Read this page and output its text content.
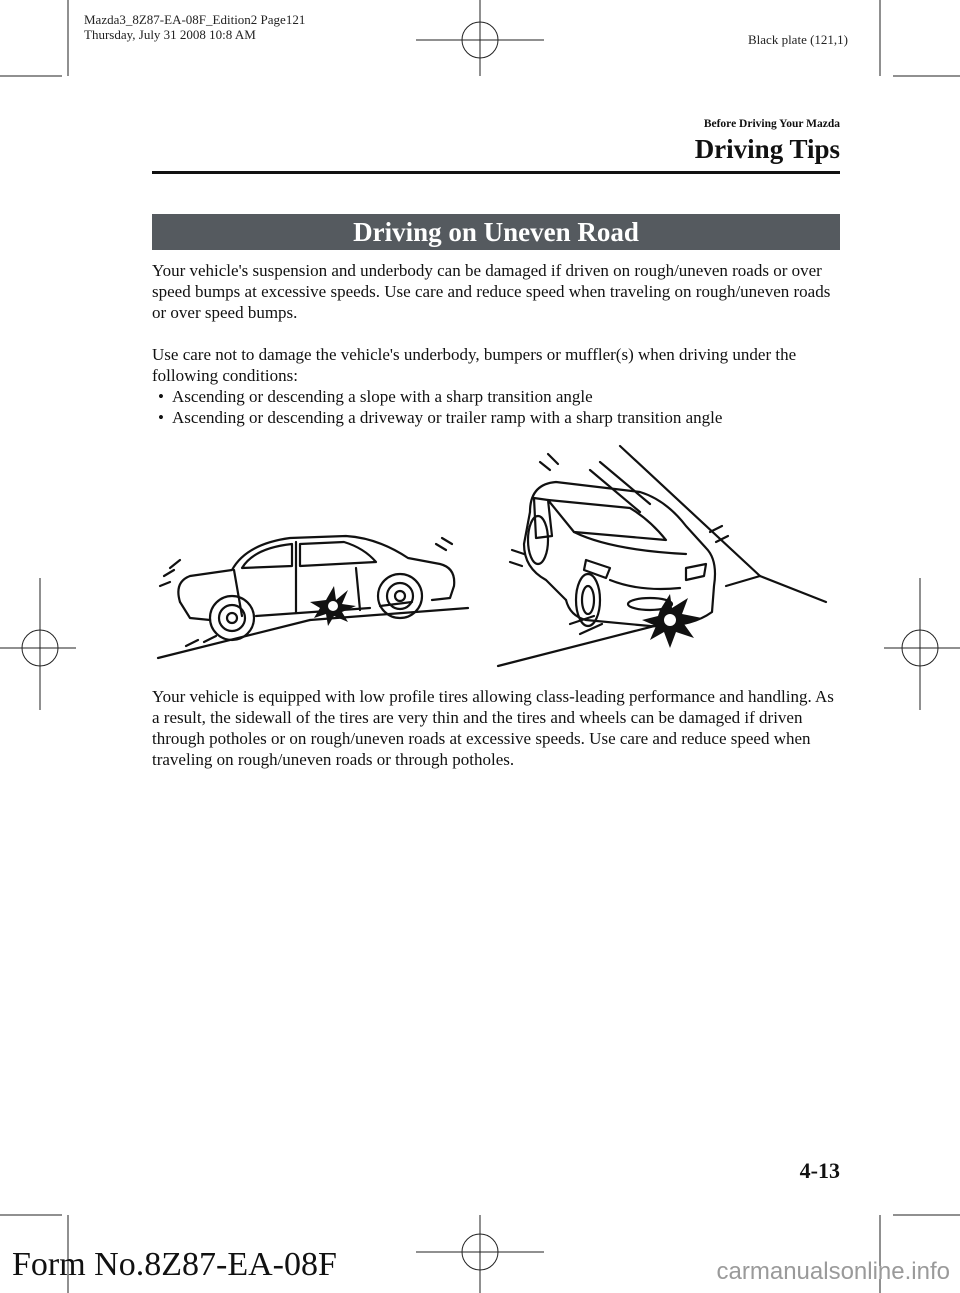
Mazda3_8Z87-EA-08F_Edition2 Page121
Thursday, July 31 2008 10:8 AM	Black plate (121,1)
Before Driving Your Mazda
Driving Tips
Driving on Uneven Road
Your vehicle's suspension and underbody can be damaged if driven on rough/uneven roads or over speed bumps at excessive speeds. Use care and reduce speed when traveling on rough/uneven roads or over speed bumps.
Use care not to damage the vehicle's underbody, bumpers or muffler(s) when driving under the following conditions:
• Ascending or descending a slope with a sharp transition angle
• Ascending or descending a driveway or trailer ramp with a sharp transition angle
Your vehicle is equipped with low profile tires allowing class-leading performance and handling. As a result, the sidewall of the tires are very thin and the tires and wheels can be damaged if driven through potholes or on rough/uneven roads at excessive speeds. Use care and reduce speed when traveling on rough/uneven roads or through potholes.
4-13
Form No.8Z87-EA-08F	carmanualsonline.info
